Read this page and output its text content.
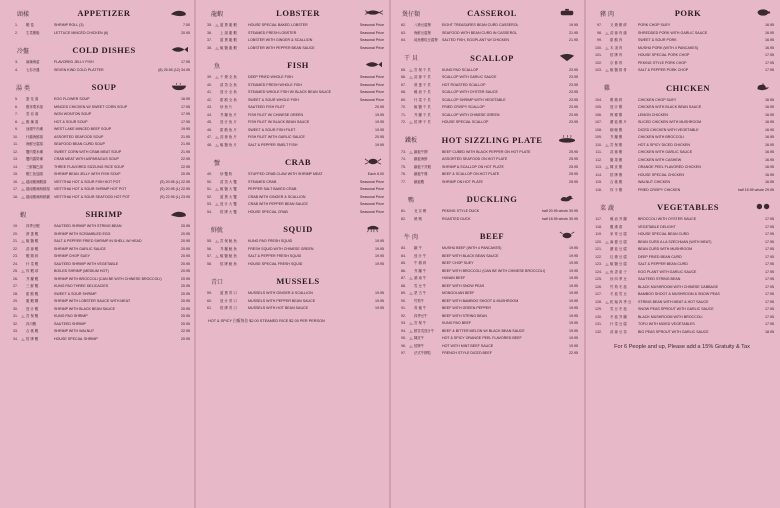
頭樣	APPETIZER
1.	蝦 卷	SHRIMP ROLL (3)	7.50
2.	生菜雞鬆	LETTUCE MINCED CHICKEN (6)	20.95
冷盤	COLD DISHES
3.	麻辣海蜇	FLAVORED JELLY FISH	17.95
4.	七彩冷盤	SEVEN KIND COLD PLATTER	(8) 25.95 (12) 34.95
湯 类	SOUP
5.	蛋 花 湯	EGG FLOWER SOUP	16.95
6.	雞茸粟米湯	MINCED CHICKEN W/ SWEET CORN SOUP	17.95
7.	雲 吞 湯	WON WONTON SOUP	17.95
8. ♨ 酸 辣 湯	HOT & SOUR SOUP	17.95
9.	西湖牛肉羹	WEST LAKE MINCED BEEF SOUP	19.95
10.	什錦海鮮湯	ASSORTED SEAFOOD SOUP	21.95
11.	海鮮豆腐湯	SEAFOOD BEAN CURD SOUP	21.95
12.	蟹肉粟米羹	SWEET CORN WITH CRAB MEAT SOUP	21.95
13.	蟹肉露筍羹	CRAB MEAT WITH ASPARAGUS SOUP	22.95
14.	三鮮鍋巴湯	THREE FLAVORED SIZZLING RICE SOUP	22.95
15.	蝦仁魚翅湯	SHRIMP BEAN JELLY WITH FISH SOUP	20.95
16. ♨ 越南酸辣蝦湯	VIET/THAI HOT & SOUR FISH HOT POT	(S) 20.95 (L) 22.95
17. ♨ 越南酸辣海鮮湯	VIET/THAI HOT & SOUR SHRIMP HOT POT	(S) 20.95 (L) 22.95
18. ♨ 越南酸辣海鮮鍋	VIET/THAI HOT & SOUR SEAFOOD HOT POT	(S) 22.95 (L) 23.95
蝦	SHRIMP
19.	四季豆蝦	SAUTEED SHRIMP WITH STRING BEAN	20.95
20.	滑 蛋 蝦	SHRIMP WITH SCRAMBLED EGG	20.95
21. ♨ 椒 鹽 蝦	SALT & PEPPER FRIED SHRIMP IN SHELL W/ HEAD	20.95
22.	蒜 蓉 蝦	SHRIMP WITH GARLIC SAUCE	20.95
23.	蝦 雜 碎	SHRIMP CHOP SUEY	20.95
24.	什 菜 蝦	SAUTEED SHRIMP WITH VEGETABLE	20.95
25. ♨ 炸 蝦 球	BOILED SHRIMP (MEDIUM HOT)	20.95
26.	芥 蘭 蝦	SHRIMP WITH BROCCOLI (CAN BE WITH CHINESE BROCCOLI)	20.95
27.	三 鮮 蝦	KUNG PAO THREE DELICACIES	20.95
28.	甜 酸 蝦	SWEET & SOUR SHRIMP	20.95
29.	龍 蝦 糊	SHRIMP WITH LOBSTER SAUCE WITH MEAT	20.95
30.	豉 汁 蝦	SHRIMP WITH BLACK BEAN SAUCE	20.95
31. ♨ 宮 保 蝦	KUNG PAO SHRIMP	20.95
32.	四川蝦	SAUTEED SHRIMP	20.95
33.	合 桃 蝦	SHRIMP WITH WALNUT	22.95
34. ♨ 招 牌 蝦	HOUSE SPECIAL SHRIMP	20.95
龍蝦	LOBSTER
35. ♨ 薑 蔥 龍 蝦	HOUSE SPECIAL BAKED LOBSTER	Seasonal Price
36.	上 湯 龍 蝦	STEAMED FRESH LOBSTER	Seasonal Price
37.	薑 蔥 龍 蝦	LOBSTER WITH GINGER & SCALLION	Seasonal Price
38. ♨ 椒 鹽 龍 蝦	LOBSTER WITH PEPPER BEAN SAUCE	Seasonal Price
魚	FISH
39. ♨ 干 燒 全 魚	DEEP FRIED WHOLE FISH	Seasonal Price
40.	清 蒸 全 魚	STEAMED FRESH WHOLE FISH	Seasonal Price
41.	豉 汁 全 魚	STEAMED WHOLE FISH W/ BLACK BEAN SAUCE	Seasonal Price
42.	甜 酸 全 魚	SWEET & SOUR WHOLE FISH	Seasonal Price
43.	炒 魚 片	SAUTEED FISH FILET	20.95
44.	芥 蘭 魚 片	FISH FILET W/ CHINESE GREEN	19.95
45.	豉 汁 魚 片	FISH FILET W/ BLACK BEAN SAUCE	19.95
46.	甜 酸 魚 片	SWEET & SOUR FISH FILET	19.95
47. ♨ 蒜 蓉 魚 片	FISH FILET WITH GARLIC SAUCE	20.95
48. ♨ 椒 鹽 魚 片	SALT & PEPPER SMELT FISH	19.95
蟹	CRAB
49.	炒 蟹 粉	STUFFED CRAB CLAW WITH SHRIMP MEAT	Each 6.00
50.	清 蒸 大 蟹	STEAMED CRAB	Seasonal Price
51. ♨ 椒 鹽 大 蟹	PEPPER SALT BAKED CRAB	Seasonal Price
52.	薑 蔥 大 蟹	CRAB WITH GINGER & SCALLION	Seasonal Price
53. ♨ 豉 汁 大 蟹	CRAB WITH PEPPER BEAN SAUCE	Seasonal Price
54.	招 牌 大 蟹	HOUSE SPECIAL CRAB	Seasonal Price
鮮魷	SQUID
55. ♨ 宮 保 魷 魚	KUNG PAO FRESH SQUID	19.95
56.	芥 蘭 魷 魚	FRESH SQUID WITH CHINESE GREEN	19.95
57. ♨ 椒 鹽 魷 魚	SALT & PEPPER FRESH SQUID	19.95
58.	招 牌 魷 魚	HOUSE SPECIAL FRESH SQUID	19.95
青口	MUSSELS
59.	薑 蔥 青 口	MUSSELS WITH GINGER & SCALLION	19.95
60.	豉 汁 青 口	MUSSELS WITH PEPPER BEAN SAUCE	19.95
61.	招 牌 青 口	MUSSELS WITH HOT BEAN SAUCE	19.95
HOT & SPICY 白飯每位 $2.00 STEAMED RICE $2.00 PER PERSON
煲仔類	CASSEROL
62.	八珍豆腐煲	EIGHT TREASURES BEAN CURD CASSEROL	19.95
63.	海鮮豆腐煲	SEAFOOD WITH BEAN CURD IN CASSEROL	21.95
64.	咸魚雞粒豆腐煲	SALTED FISH, EGGPLANT W/ CHICKEN	21.95
干 貝	SCALLOP
65. ♨ 宮 保 干 貝	KUNG PAO SCALLOP	23.95
66. ♨ 蒜 蓉 干 貝	SCALLOP WITH GARLIC SAUCE	23.95
67.	滑 蛋 干 貝	HOT ROASTED SCALLOP	23.95
68.	蠔 油 干 貝	SCALLOP WITH OYSTER SAUCE	23.95
69.	什 菜 干 貝	SCALLOP SHRIMP WITH VEGETABLE	23.95
70.	椒 鹽 干 貝	FRIED CRISPY SCALLOP	23.95
71.	芥 蘭 干 貝	SCALLOP WITH CHINESE GREEN	23.95
72. ♨ 招 牌 干 貝	HOUSE SPECIAL SCALLOP	23.95
鐵板	HOT SIZZLING PLATE
73. ♨ 鐵板牛柳	BEEF CUBED WITH BLACK PEPPER ON HOT PLATE	25.95
74.	鐵板海鮮	ASSORTED SEAFOOD ON HOT PLATE	25.95
75.	鐵板干貝蝦	SHRIMP & SCALLOP ON HOT PLATE	25.95
76.	鐵板牛雞	BEEF & SCALLOP ON HOT PLATE	25.95
77.	鐵板蝦	SHRIMP ON HOT PLATE	25.95
鴨	DUCKLING
81.	北 京 鴨	PEKING STYLE DUCK	half 20.95 whole 39.95
82.	燒 鴨	ROASTED DUCK	half 18.95 whole 35.95
牛 肉	BEEF
83.	鐵 牛	MUSHU BEEF (WITH 4 PANCAKES)	19.95
84.	豉 汁 牛	BEEF WITH BLACK BEAN SAUCE	19.95
85.	牛 雜 碎	BEEF CHOP SUEY	19.95
86.	芥 蘭 牛	BEEF WITH BROCCOLI (CAN BE WITH CHINESE BROCCOLI)	19.95
87. ♨ 湖 南 牛	HUNAN BEEF	19.95
88.	雪 豆 牛	BEEF WITH SNOW PEAS	19.95
89. ♨ 蒙 古 牛	MONGOLIAN BEEF	19.95
90.	竹筍牛	BEEF WITH BAMBOO SHOOT & MUSHROOM	19.95
91.	青 椒 牛	BEEF WITH GREEN PEPPER	19.95
92.	四季豆牛	BEEF WITH STRING BEAN	19.95
93. ♨ 宮 保 牛	KUNG PAO BEEF	19.95
94. ♨ 鮮苦瓜豉汁牛	BEEF & BITTER MELON W/ BLACK BEAN SAUCE	19.95
95. ♨ 陳皮牛	HOT & SPICY ORANGE PEEL FLAVORED BEEF	19.95
96. ♨ 招牌牛	HOT WITH MINT BEEF SAUCE	19.95
97.	法式牛柳粒	FRENCH STYLE DICED BEEF	22.95
豬 肉	PORK
97.	叉 燒 雜 碎	PORK CHOP SUEY	16.95
98. ♨ 蒜 蓉 肉 絲	SHREDDED PORK WITH GARLIC SAUCE	16.95
99.	甜 酸 肉	SWEET & SOUR PORK	16.95
100. ♨ 木 須 肉	MUSHU PORK (WITH 4 PANCAKES)	16.95
101.	招 牌 肉	HOUSE SPECIAL PORK CHOP	17.95
102.	京 都 骨	PEKING STYLE PORK CHOP	17.95
103. ♨ 椒 鹽 排 骨	SALT & PEPPER PORK CHOP	17.95
雞	CHICKEN
104.	雞 雜 碎	CHICKEN CHOP SUEY	16.95
105.	豉 汁 雞	CHICKEN WITH BLACK BEAN SAUCE	16.95
106.	檸 檬 雞	LEMON CHICKEN	16.95
107.	蘑 菇 雞 片	SLICED CHICKEN WITH MUSHROOM	16.95
108.	咖 喱 雞	DICED CHICKEN WITH VEGETABLE	16.95
109.	芥 蘭 雞	CHICKEN WITH BROCCOLI	16.95
110. ♨ 宮 保 雞	HOT & SPICY DICED CHICKEN	16.95
111.	蒜 蓉 雞	CHICKEN WITH GARLIC SAUCE	16.95
112.	腰 果 雞	CHICKEN WITH CASHEW	16.95
113. ♨ 陳 皮 雞	ORANGE PEEL FLAVORED CHICKEN	16.95
114.	招 牌 雞	HOUSE SPECIAL CHICKEN	16.95
115.	合 桃 雞	WALNUT CHICKEN	16.95
116.	炸 子 雞	FRIED CRISPY CHICKEN	half 15.95 whole 29.95
菜 蔬	VEGETABLES
117.	蠔 油 芥 蘭	BROCCOLI WITH OYSTER SAUCE	17.95
118.	羅 漢 齋	VEGETABLE DELIGHT	17.95
119.	家 常 豆 腐	HOUSE SPECIAL BEAN CURD	17.95
120. ♨ 麻 婆 豆 腐	BEAN CURD A LA SZECHUAN (WITH MEAT)	17.95
121.	蘑 菇 豆 腐	BEAN CURD WITH MUSHROOM	17.95
122.	紅 燒 豆 腐	DEEP FRIED BEAN CURD	17.95
123. ♨ 椒 鹽 豆 腐	SALT & PEPPER BEAN CURD	17.95
124. ♨ 魚 香 茄 子	EGG PLANT WITH GARLIC SAUCE	17.95
125.	炒 四 季 豆	SAUTEED STRING BEAN	17.95
126.	竹 筍 冬 菇	BLACK MUSHROOM WITH CHINESE CABBAGE	17.95
127.	冬 菇 雪 豆	BAMBOO SHOOT & MUSHROOM & SNOW PEAS	17.95
128. ♨ 乾 煸 四 季 豆	STRING BEAN WITH MEAT & HOT SAUCE	17.95
129.	雪 豆 冬 菇	SNOW PEAS SPROUT WITH GARLIC SAUCE	17.95
130.	冬 菇 芥 蘭	BLACK MUSHROOM WITH BROCCOLI	17.95
131.	什 菜 豆 腐	TOFU WITH MIXED VEGETABLES	17.95
132.	蒜 蓉 豆 苗	BIG PEAS SPROUT WITH GARLIC SAUCE	18.95
For 6 People and up, Please add a 15% Gratuity & Tax
